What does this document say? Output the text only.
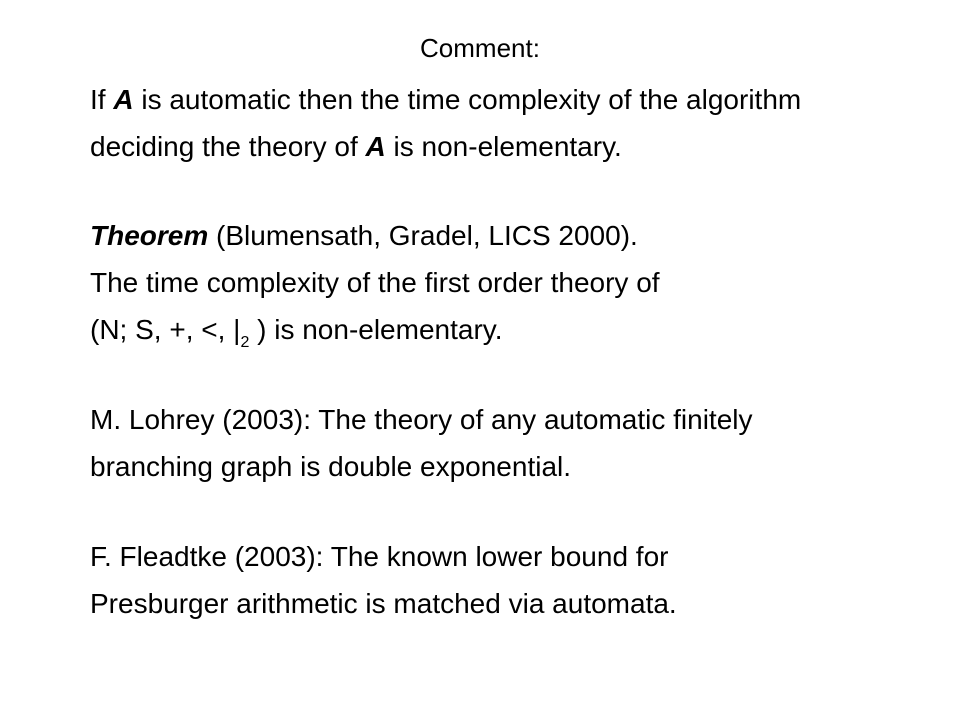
Comment:
If A is automatic then the time complexity of the algorithm
deciding the theory of A is non-elementary.
Theorem (Blumensath, Gradel, LICS 2000).
The time complexity of the first order theory of
(N; S, +, <, $|_2$ ) is non-elementary.
M. Lohrey (2003): The theory of any automatic finitely
branching graph is double exponential.
F. Fleadtke (2003): The known lower bound for
Presburger arithmetic is matched via automata.
